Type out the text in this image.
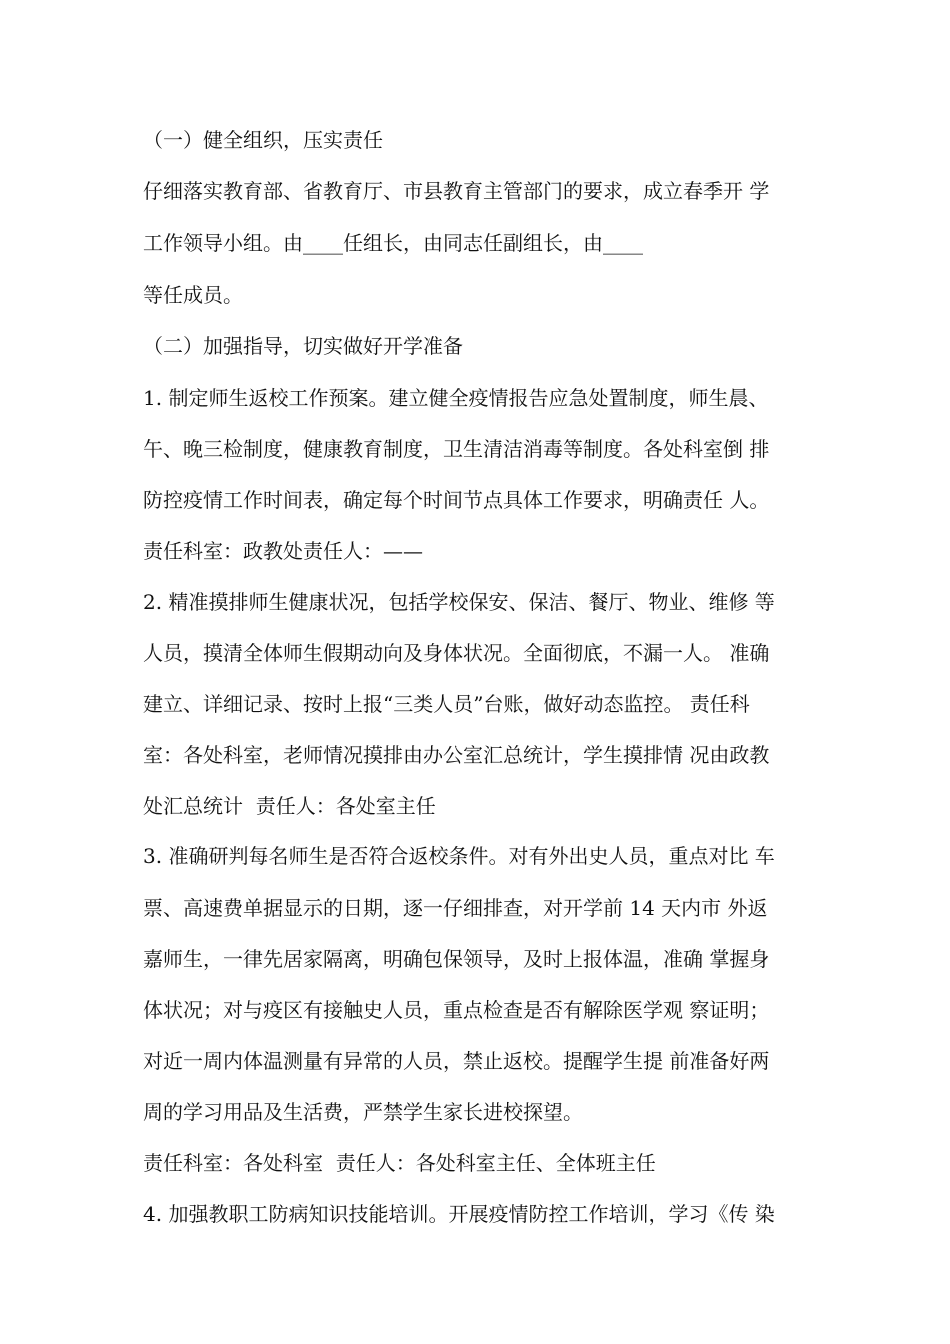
（一）健全组织，压实责任
仔细落实教育部、省教育厅、市县教育主管部门的要求，成立春季开 学
工作领导小组。由____任组长，由同志任副组长，由____
等任成员。
（二）加强指导，切实做好开学准备
1. 制定师生返校工作预案。建立健全疫情报告应急处置制度，师生晨、
午、晚三检制度，健康教育制度，卫生清洁消毒等制度。各处科室倒 排
防控疫情工作时间表，确定每个时间节点具体工作要求，明确责任 人。
责任科室：政教处责任人：——
2. 精准摸排师生健康状况，包括学校保安、保洁、餐厅、物业、维修 等
人员，摸清全体师生假期动向及身体状况。全面彻底，不漏一人。 准确
建立、详细记录、按时上报“三类人员”台账，做好动态监控。 责任科
室：各处科室，老师情况摸排由办公室汇总统计，学生摸排情 况由政教
处汇总统计  责任人：各处室主任
3. 准确研判每名师生是否符合返校条件。对有外出史人员，重点对比 车
票、高速费单据显示的日期，逐一仔细排查，对开学前 14 天内市 外返
嘉师生，一律先居家隔离，明确包保领导，及时上报体温，准确 掌握身
体状况；对与疫区有接触史人员，重点检查是否有解除医学观 察证明；
对近一周内体温测量有异常的人员，禁止返校。提醒学生提 前准备好两
周的学习用品及生活费，严禁学生家长进校探望。
责任科室：各处科室  责任人：各处科室主任、全体班主任
4. 加强教职工防病知识技能培训。开展疫情防控工作培训，学习《传 染
